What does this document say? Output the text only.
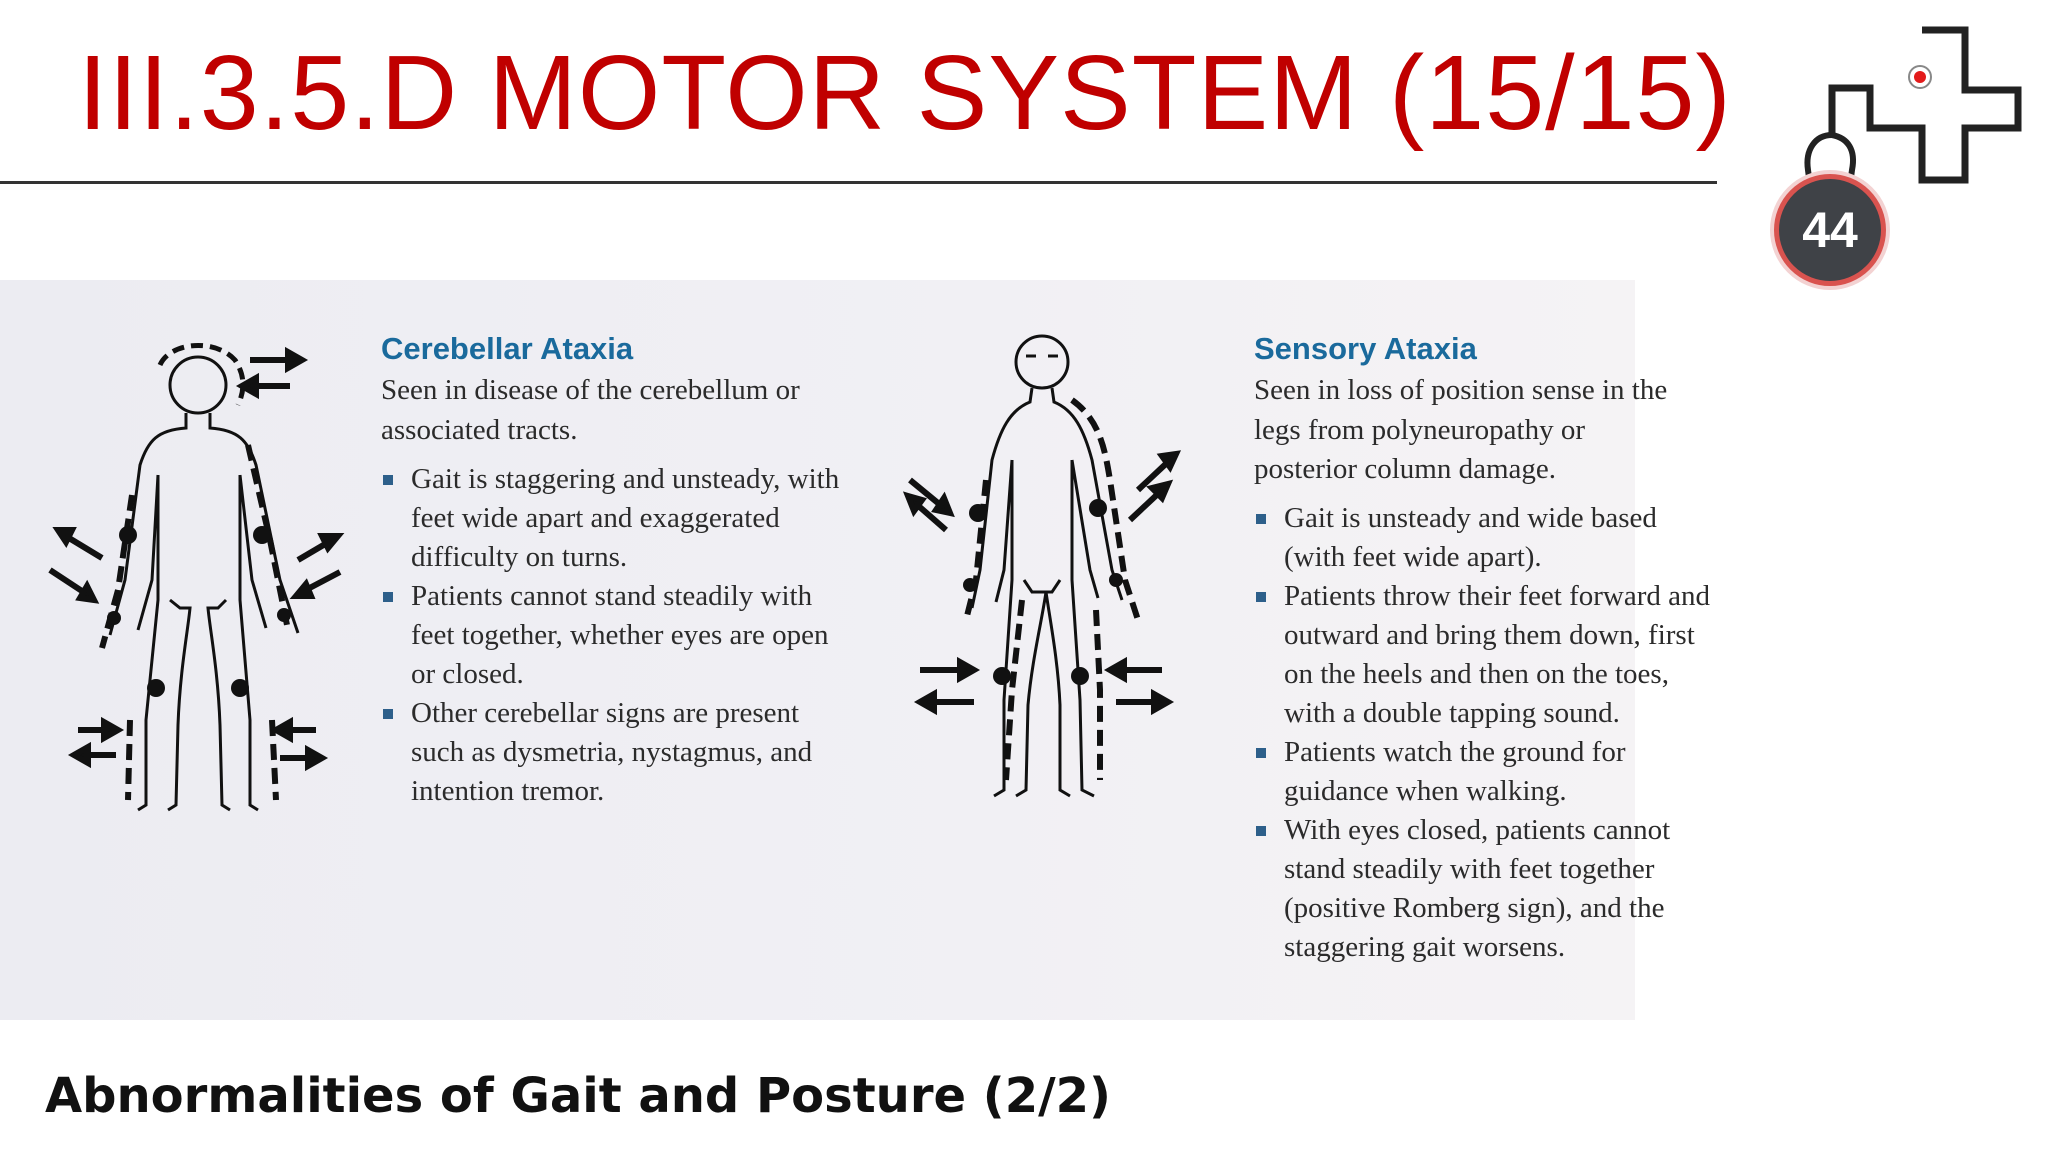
III.3.5.D MOTOR SYSTEM (15/15)
44
Cerebellar Ataxia
Seen in disease of the cerebellum or associated tracts.
Gait is staggering and unsteady, with feet wide apart and exaggerated difficulty on turns.
Patients cannot stand steadily with feet together, whether eyes are open or closed.
Other cerebellar signs are present such as dysmetria, nystagmus, and intention tremor.
Sensory Ataxia
Seen in loss of position sense in the legs from polyneuropathy or posterior column damage.
Gait is unsteady and wide based (with feet wide apart).
Patients throw their feet forward and outward and bring them down, first on the heels and then on the toes, with a double tapping sound.
Patients watch the ground for guidance when walking.
With eyes closed, patients cannot stand steadily with feet together (positive Romberg sign), and the staggering gait worsens.
Abnormalities of Gait and Posture (2/2)
